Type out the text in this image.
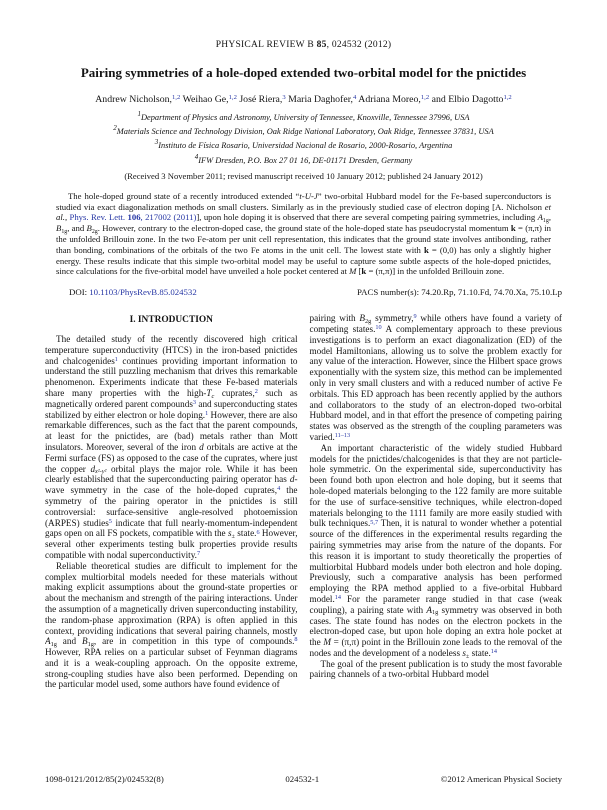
PHYSICAL REVIEW B 85, 024532 (2012)
Pairing symmetries of a hole-doped extended two-orbital model for the pnictides
Andrew Nicholson,$^{1,2}$ Weihao Ge,$^{1,2}$ José Riera,$^3$ Maria Daghofer,$^4$ Adriana Moreo,$^{1,2}$ and Elbio Dagotto$^{1,2}$
$^1$Department of Physics and Astronomy, University of Tennessee, Knoxville, Tennessee 37996, USA
$^2$Materials Science and Technology Division, Oak Ridge National Laboratory, Oak Ridge, Tennessee 37831, USA
$^3$Instituto de Física Rosario, Universidad Nacional de Rosario, 2000-Rosario, Argentina
$^4$IFW Dresden, P.O. Box 27 01 16, DE-01171 Dresden, Germany
(Received 3 November 2011; revised manuscript received 10 January 2012; published 24 January 2012)
The hole-doped ground state of a recently introduced extended “t-U-J” two-orbital Hubbard model for the Fe-based superconductors is studied via exact diagonalization methods on small clusters. Similarly as in the previously studied case of electron doping [A. Nicholson et al., Phys. Rev. Lett. 106, 217002 (2011)], upon hole doping it is observed that there are several competing pairing symmetries, including A1g, B1g, and B2g. However, contrary to the electron-doped case, the ground state of the hole-doped state has pseudocrystal momentum k = (π,π) in the unfolded Brillouin zone. In the two Fe-atom per unit cell representation, this indicates that the ground state involves antibonding, rather than bonding, combinations of the orbitals of the two Fe atoms in the unit cell. The lowest state with k = (0,0) has only a slightly higher energy. These results indicate that this simple two-orbital model may be useful to capture some subtle aspects of the hole-doped pnictides, since calculations for the five-orbital model have unveiled a hole pocket centered at M [k = (π,π)] in the unfolded Brillouin zone.
DOI: 10.1103/PhysRevB.85.024532	PACS number(s): 74.20.Rp, 71.10.Fd, 74.70.Xa, 75.10.Lp
I. INTRODUCTION

The detailed study of the recently discovered high critical temperature superconductivity (HTCS) in the iron-based pnictides and chalcogenides$^1$ continues providing important information to understand the still puzzling mechanism that drives this remarkable phenomenon. Experiments indicate that these Fe-based materials share many properties with the high-Tc cuprates,$^2$ such as magnetically ordered parent compounds$^3$ and superconducting states stabilized by either electron or hole doping.$^1$ However, there are also remarkable differences, such as the fact that the parent compounds, at least for the pnictides, are (bad) metals rather than Mott insulators. Moreover, several of the iron d orbitals are active at the Fermi surface (FS) as opposed to the case of the cuprates, where just the copper dx²-y² orbital plays the major role. While it has been clearly established that the superconducting pairing operator has d-wave symmetry in the case of the hole-doped cuprates,$^4$ the symmetry of the pairing operator in the pnictides is still controversial: surface-sensitive angle-resolved photoemission (ARPES) studies$^5$ indicate that full nearly-momentum-independent gaps open on all FS pockets, compatible with the s± state.$^6$ However, several other experiments testing bulk properties provide results compatible with nodal superconductivity.$^7$

Reliable theoretical studies are difficult to implement for the complex multiorbital models needed for these materials without making explicit assumptions about the ground-state properties or about the mechanism and strength of the pairing interactions. Under the assumption of a magnetically driven superconducting instability, the random-phase approximation (RPA) is often applied in this context, providing indications that several pairing channels, mostly A1g and B1g, are in competition in this type of compounds.$^8$ However, RPA relies on a particular subset of Feynman diagrams and it is a weak-coupling approach. On the opposite extreme, strong-coupling studies have also been performed. Depending on the particular model used, some authors have found evidence of

pairing with B2g symmetry,$^9$ while others have found a variety of competing states.$^{10}$ A complementary approach to these previous investigations is to perform an exact diagonalization (ED) of the model Hamiltonians, allowing us to solve the problem exactly for any value of the interaction. However, since the Hilbert space grows exponentially with the system size, this method can be implemented only in very small clusters and with a reduced number of active Fe orbitals. This ED approach has been recently applied by the authors and collaborators to the study of an electron-doped two-orbital Hubbard model, and in that effort the presence of competing pairing states was observed as the strength of the coupling parameters was varied.$^{11-13}$

An important characteristic of the widely studied Hubbard models for the pnictides/chalcogenides is that they are not particle-hole symmetric. On the experimental side, superconductivity has been found both upon electron and hole doping, but it seems that hole-doped materials belonging to the 122 family are more suitable for the use of surface-sensitive techniques, while electron-doped materials belonging to the 1111 family are more easily studied with bulk techniques.$^{5,7}$ Then, it is natural to wonder whether a potential source of the differences in the experimental results regarding the pairing symmetries may arise from the nature of the dopants. For this reason it is important to study theoretically the properties of multiorbital Hubbard models under both electron and hole doping. Previously, such a comparative analysis has been performed employing the RPA method applied to a five-orbital Hubbard model.$^{14}$ For the parameter range studied in that case (weak coupling), a pairing state with A1g symmetry was observed in both cases. The state found has nodes on the electron pockets in the electron-doped case, but upon hole doping an extra hole pocket at the M = (π,π) point in the Brillouin zone leads to the removal of the nodes and the development of a nodeless s± state.$^{14}$

The goal of the present publication is to study the most favorable pairing channels of a two-orbital Hubbard model

1098-0121/2012/85(2)/024532(8)	024532-1	©2012 American Physical Society
